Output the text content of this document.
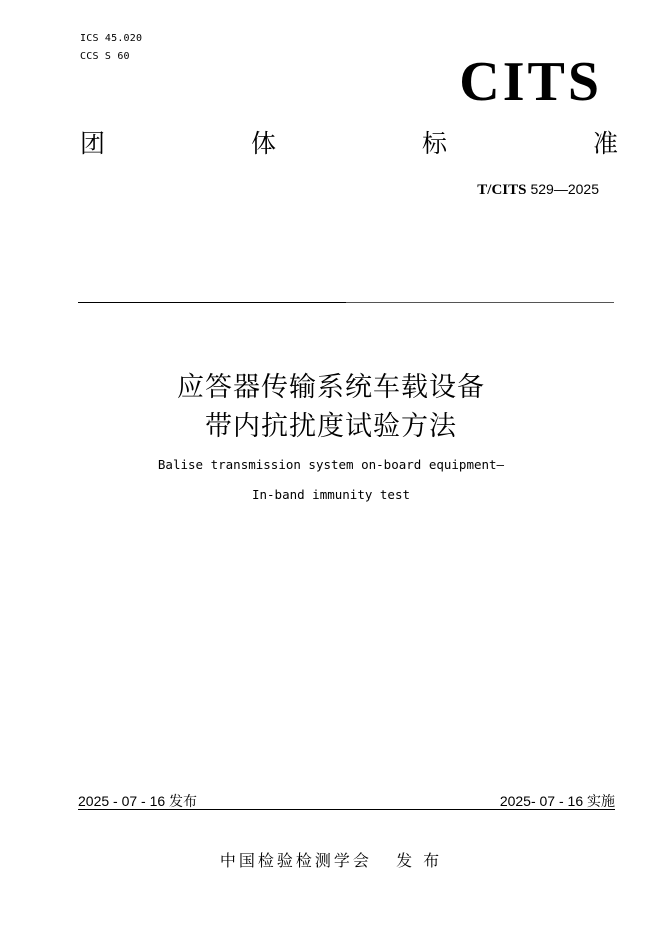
ICS 45.020
CCS S 60	CITS
团	体	标	准
T/CITS 529—2025
应答器传输系统车载设备
带内抗扰度试验方法
Balise transmission system on-board equipment—
In-band immunity test
2025 - 07 - 16 发布	2025- 07 - 16 实施
中国检验检测学会   发 布
